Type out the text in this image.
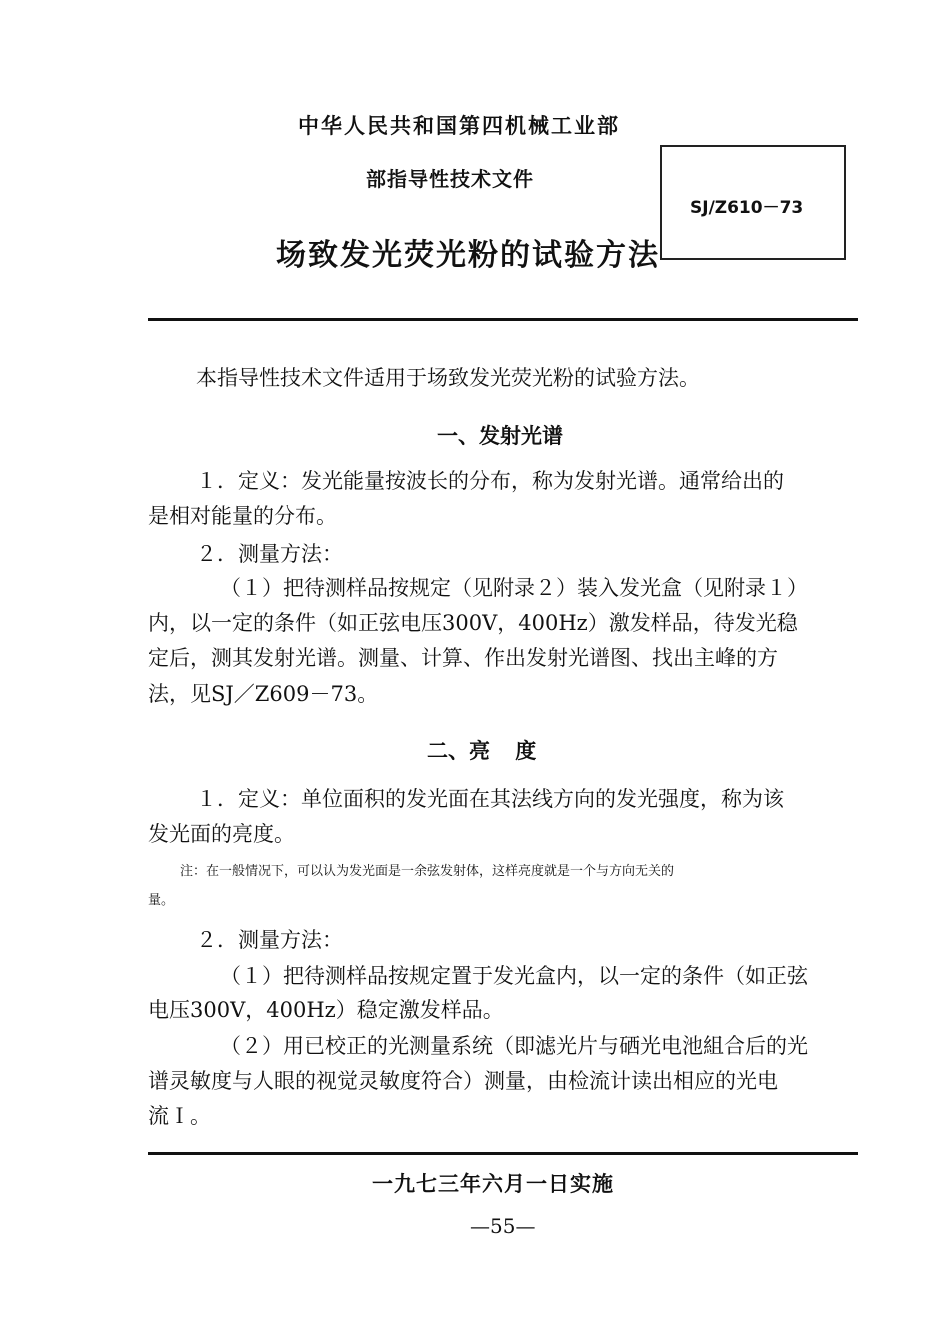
中华人民共和国第四机械工业部
部指导性技术文件
场致发光荧光粉的试验方法
SJ/Z610－73
本指导性技术文件适用于场致发光荧光粉的试验方法。
一、发射光谱
１．定义：发光能量按波长的分布，称为发射光谱。通常给出的
是相对能量的分布。
２．测量方法：
（１）把待测样品按规定（见附录２）装入发光盒（见附录１）
内，以一定的条件（如正弦电压300V，400Hz）激发样品，待发光稳
定后，测其发射光谱。测量、计算、作出发射光谱图、找出主峰的方
法，见SJ／Z609－73。
二、亮 度
１．定义：单位面积的发光面在其法线方向的发光强度，称为该
发光面的亮度。
注：在一般情况下，可以认为发光面是一余弦发射体，这样亮度就是一个与方向无关的
量。
２．测量方法：
（１）把待测样品按规定置于发光盒内，以一定的条件（如正弦
电压300V，400Hz）稳定激发样品。
（２）用已校正的光测量系统（即滤光片与硒光电池組合后的光
谱灵敏度与人眼的视觉灵敏度符合）测量，由检流计读出相应的光电
流Ｉ。
一九七三年六月一日实施
—55—
